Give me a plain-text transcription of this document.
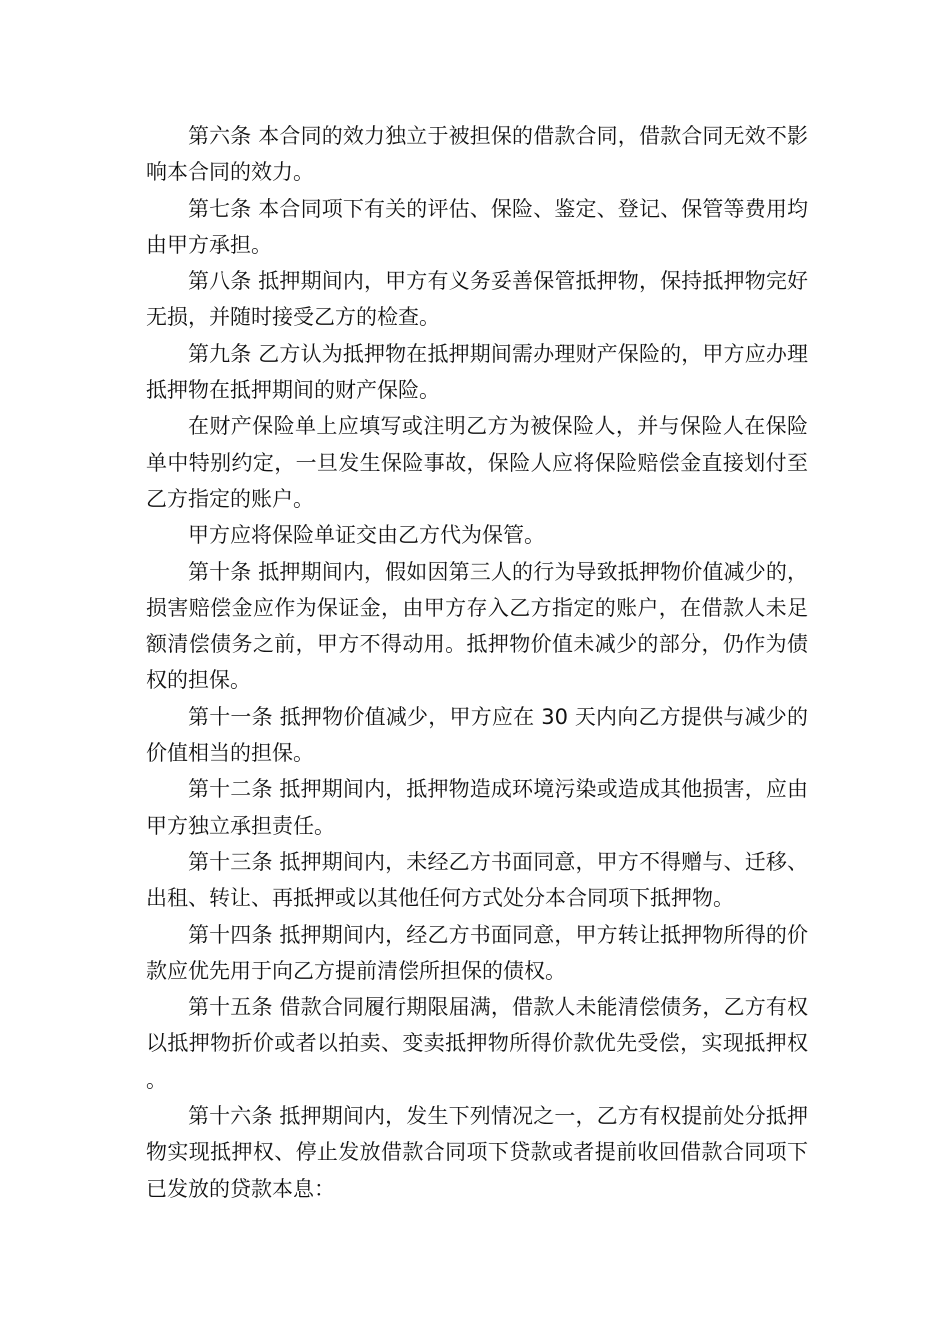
第六条 本合同的效力独立于被担保的借款合同，借款合同无效不影响本合同的效力。

第七条 本合同项下有关的评估、保险、鉴定、登记、保管等费用均由甲方承担。

第八条 抵押期间内，甲方有义务妥善保管抵押物，保持抵押物完好无损，并随时接受乙方的检查。

第九条 乙方认为抵押物在抵押期间需办理财产保险的，甲方应办理抵押物在抵押期间的财产保险。

在财产保险单上应填写或注明乙方为被保险人，并与保险人在保险单中特别约定，一旦发生保险事故，保险人应将保险赔偿金直接划付至乙方指定的账户。

甲方应将保险单证交由乙方代为保管。

第十条 抵押期间内，假如因第三人的行为导致抵押物价值减少的，损害赔偿金应作为保证金，由甲方存入乙方指定的账户，在借款人未足额清偿债务之前，甲方不得动用。抵押物价值未减少的部分，仍作为债权的担保。

第十一条 抵押物价值减少，甲方应在 30 天内向乙方提供与减少的价值相当的担保。

第十二条 抵押期间内，抵押物造成环境污染或造成其他损害，应由甲方独立承担责任。

第十三条 抵押期间内，未经乙方书面同意，甲方不得赠与、迁移、出租、转让、再抵押或以其他任何方式处分本合同项下抵押物。

第十四条 抵押期间内，经乙方书面同意，甲方转让抵押物所得的价款应优先用于向乙方提前清偿所担保的债权。

第十五条 借款合同履行期限届满，借款人未能清偿债务，乙方有权以抵押物折价或者以拍卖、变卖抵押物所得价款优先受偿，实现抵押权。

第十六条 抵押期间内，发生下列情况之一，乙方有权提前处分抵押物实现抵押权、停止发放借款合同项下贷款或者提前收回借款合同项下已发放的贷款本息：
